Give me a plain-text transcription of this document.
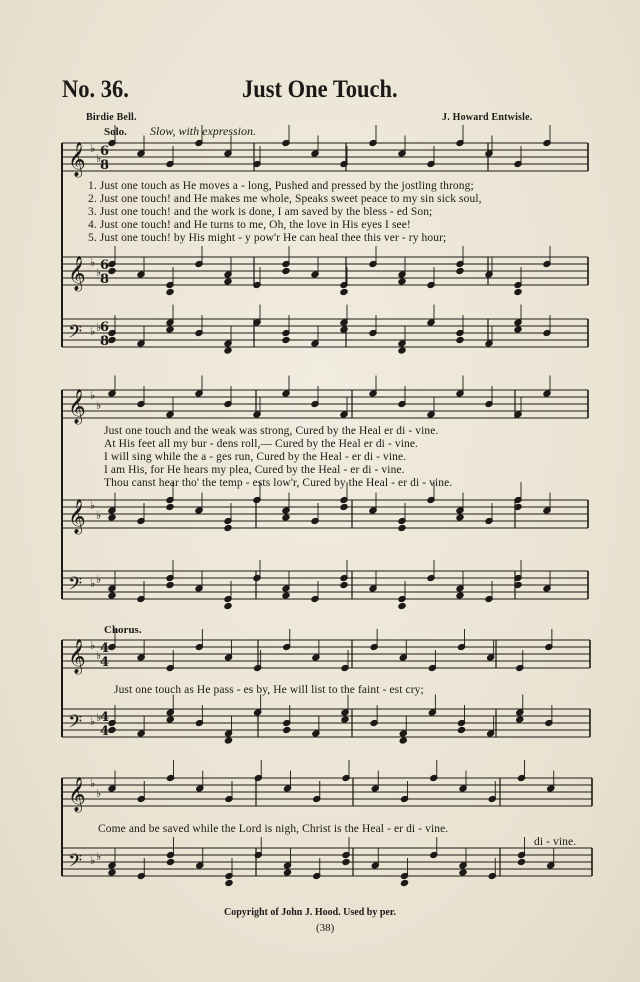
No. 36.	Just One Touch.
Birdie Bell.	J. Howard Entwisle.
Solo. Slow, with expression.
𝄞 ♭
♭
𝄞 ♭
♭
𝄢 ♭ ♭
𝄞 ♭
♭
𝄞 ♭
♭
𝄢 ♭ ♭
𝄞 ♭
♭
𝄢 ♭ ♭
𝄞 ♭
♭
𝄢 ♭ ♭
6
8
6
8
6
8
4
4
4
4
1. Just one touch as He moves a - long, Pushed and pressed by the jostling throng;
2. Just one touch! and He makes me whole, Speaks sweet peace to my sin sick soul,
3. Just one touch! and the work is done, I am saved by the bless - ed Son;
4. Just one touch! and He turns to me, Oh, the love in His eyes I see!
5. Just one touch! by His might - y pow'r He can heal thee this ver - ry hour;
Just one touch and the weak was strong, Cured by the Heal er di - vine.
At His feet all my bur - dens roll,— Cured by the Heal er di - vine.
I will sing while the a - ges run, Cured by the Heal - er di - vine.
I am His, for He hears my plea, Cured by the Heal - er di - vine.
Thou canst hear tho' the temp - ests low'r, Cured by the Heal - er di - vine.
Chorus.
Just one touch as He pass - es by, He will list to the faint - est cry;
Come and be saved while the Lord is nigh, Christ is the Heal - er di - vine.
di - vine.
Copyright of John J. Hood. Used by per.
(38)
